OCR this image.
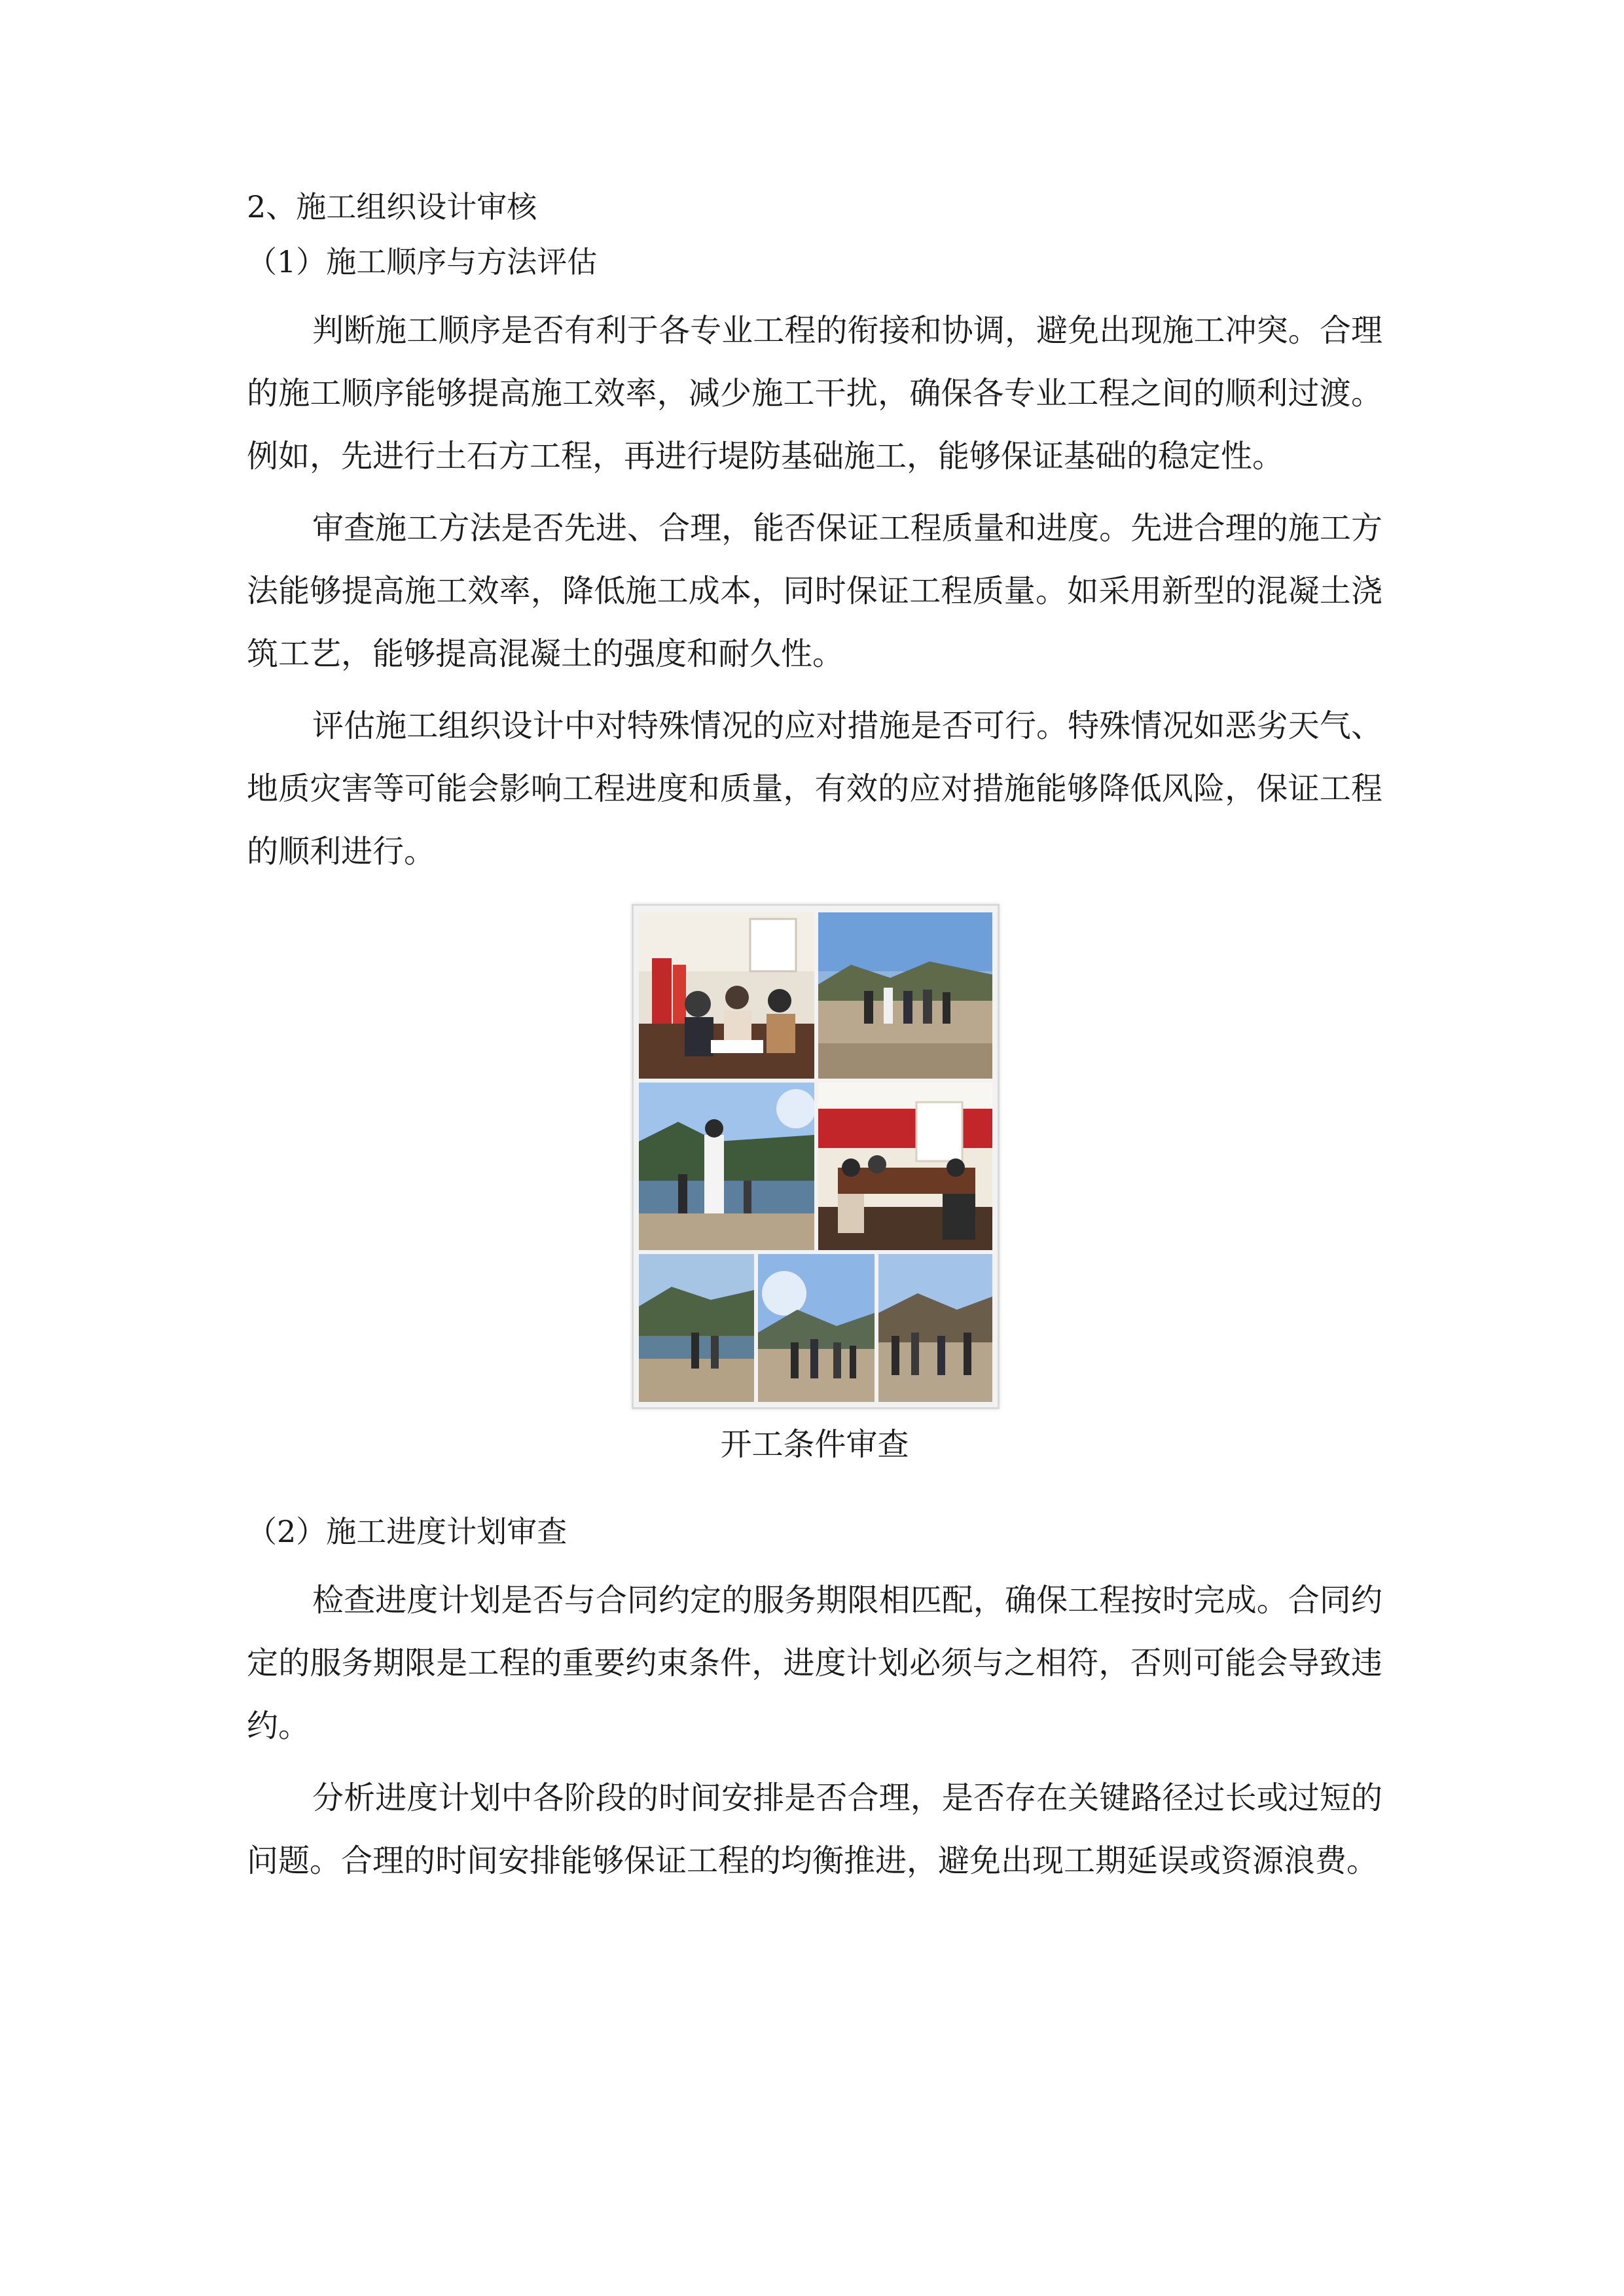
2、施工组织设计审核

（1）施工顺序与方法评估

判断施工顺序是否有利于各专业工程的衔接和协调，避免出现施工冲突。合理的施工顺序能够提高施工效率，减少施工干扰，确保各专业工程之间的顺利过渡。例如，先进行土石方工程，再进行堤防基础施工，能够保证基础的稳定性。

审查施工方法是否先进、合理，能否保证工程质量和进度。先进合理的施工方法能够提高施工效率，降低施工成本，同时保证工程质量。如采用新型的混凝土浇筑工艺，能够提高混凝土的强度和耐久性。

评估施工组织设计中对特殊情况的应对措施是否可行。特殊情况如恶劣天气、地质灾害等可能会影响工程进度和质量，有效的应对措施能够降低风险，保证工程的顺利进行。

开工条件审查

（2）施工进度计划审查

检查进度计划是否与合同约定的服务期限相匹配，确保工程按时完成。合同约定的服务期限是工程的重要约束条件，进度计划必须与之相符，否则可能会导致违约。

分析进度计划中各阶段的时间安排是否合理，是否存在关键路径过长或过短的问题。合理的时间安排能够保证工程的均衡推进，避免出现工期延误或资源浪费。
